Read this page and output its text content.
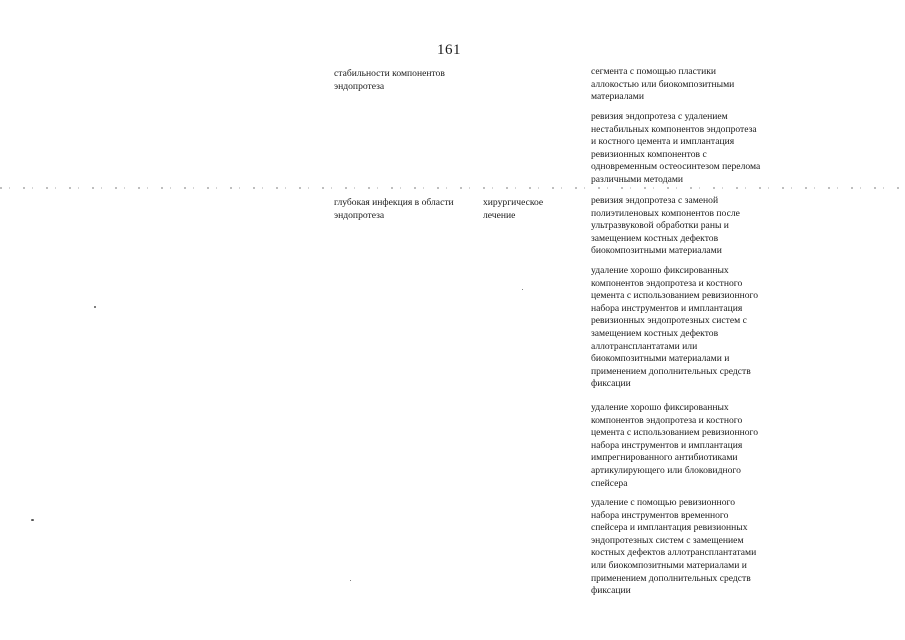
161
стабильности компонентов
эндопротеза
сегмента с помощью пластики
аллокостью или биокомпозитными
материалами
ревизия эндопротеза с удалением
нестабильных компонентов эндопротеза
и костного цемента и имплантация
ревизионных компонентов с
одновременным остеосинтезом перелома
различными методами
глубокая инфекция в области
эндопротеза
хирургическое
лечение
ревизия эндопротеза с заменой
полиэтиленовых компонентов после
ультразвуковой обработки раны и
замещением костных дефектов
биокомпозитными материалами
удаление хорошо фиксированных
компонентов эндопротеза и костного
цемента с использованием ревизионного
набора инструментов и имплантация
ревизионных эндопротезных систем с
замещением костных дефектов
аллотрансплантатами или
биокомпозитными материалами и
применением дополнительных средств
фиксации
удаление хорошо фиксированных
компонентов эндопротеза и костного
цемента с использованием ревизионного
набора инструментов и имплантация
импрегнированного антибиотиками
артикулирующего или блоковидного
спейсера
удаление с помощью ревизионного
набора инструментов временного
спейсера и имплантация ревизионных
эндопротезных систем с замещением
костных дефектов аллотрансплантатами
или биокомпозитными материалами и
применением дополнительных средств
фиксации
